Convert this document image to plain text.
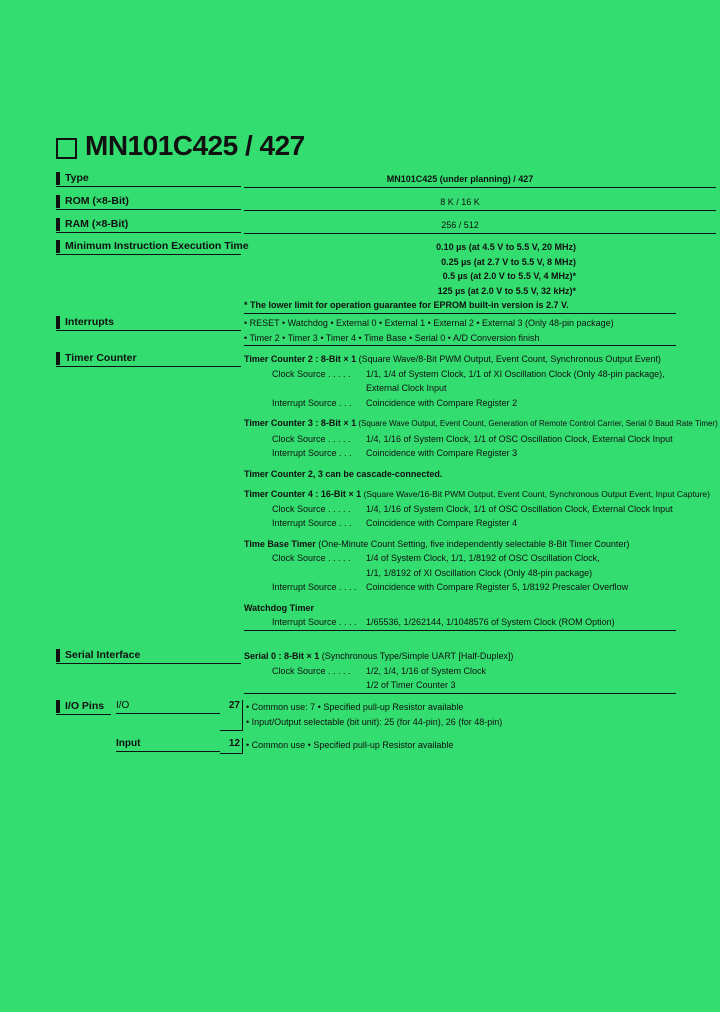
MN101C425 / 427
Type	MN101C425 (under planning) / 427
ROM (×8-Bit)	8 K / 16 K
RAM (×8-Bit)	256 / 512
Minimum Instruction Execution Time	0.10 µs (at 4.5 V to 5.5 V, 20 MHz)
0.25 µs (at 2.7 V to 5.5 V, 8 MHz)
0.5 µs (at 2.0 V to 5.5 V, 4 MHz)*
125 µs (at 2.0 V to 5.5 V, 32 kHz)*
* The lower limit for operation guarantee for EPROM built-in version is 2.7 V.
Interrupts	• RESET • Watchdog • External 0 • External 1 • External 2 • External 3 (Only 48-pin package)
• Timer 2 • Timer 3 • Timer 4 • Time Base • Serial 0 • A/D Conversion finish
Timer Counter	Timer Counter 2 : 8-Bit × 1 (Square Wave/8-Bit PWM Output, Event Count, Synchronous Output Event)
Clock Source . . . . .	1/1, 1/4 of System Clock, 1/1 of XI Oscillation Clock (Only 48-pin package),
External Clock Input
Interrupt Source . . .	Coincidence with Compare Register 2
Timer Counter 3 : 8-Bit × 1 (Square Wave Output, Event Count, Generation of Remote Control Carrier, Serial 0 Baud Rate Timer)
Clock Source . . . . .	1/4, 1/16 of System Clock, 1/1 of OSC Oscillation Clock, External Clock Input
Interrupt Source . . .	Coincidence with Compare Register 3
Timer Counter 2, 3 can be cascade-connected.
Timer Counter 4 : 16-Bit × 1 (Square Wave/16-Bit PWM Output, Event Count, Synchronous Output Event, Input Capture)
Clock Source . . . . .	1/4, 1/16 of System Clock, 1/1 of OSC Oscillation Clock, External Clock Input
Interrupt Source . . .	Coincidence with Compare Register 4
Time Base Timer (One-Minute Count Setting, five independently selectable 8-Bit Timer Counter)
Clock Source . . . . .	1/4 of System Clock, 1/1, 1/8192 of OSC Oscillation Clock,
1/1, 1/8192 of XI Oscillation Clock (Only 48-pin package)
Interrupt Source . . . .	Coincidence with Compare Register 5, 1/8192 Prescaler Overflow
Watchdog Timer
Interrupt Source . . . .	1/65536, 1/262144, 1/1048576 of System Clock (ROM Option)
Serial Interface	Serial 0 : 8-Bit × 1 (Synchronous Type/Simple UART [Half-Duplex])
Clock Source . . . . .	1/2, 1/4, 1/16 of System Clock
1/2 of Timer Counter 3
I/O Pins	I/O	27 • Common use: 7 • Specified pull-up Resistor available
• Input/Output selectable (bit unit): 25 (for 44-pin), 26 (for 48-pin)
Input	12 • Common use • Specified pull-up Resistor available
